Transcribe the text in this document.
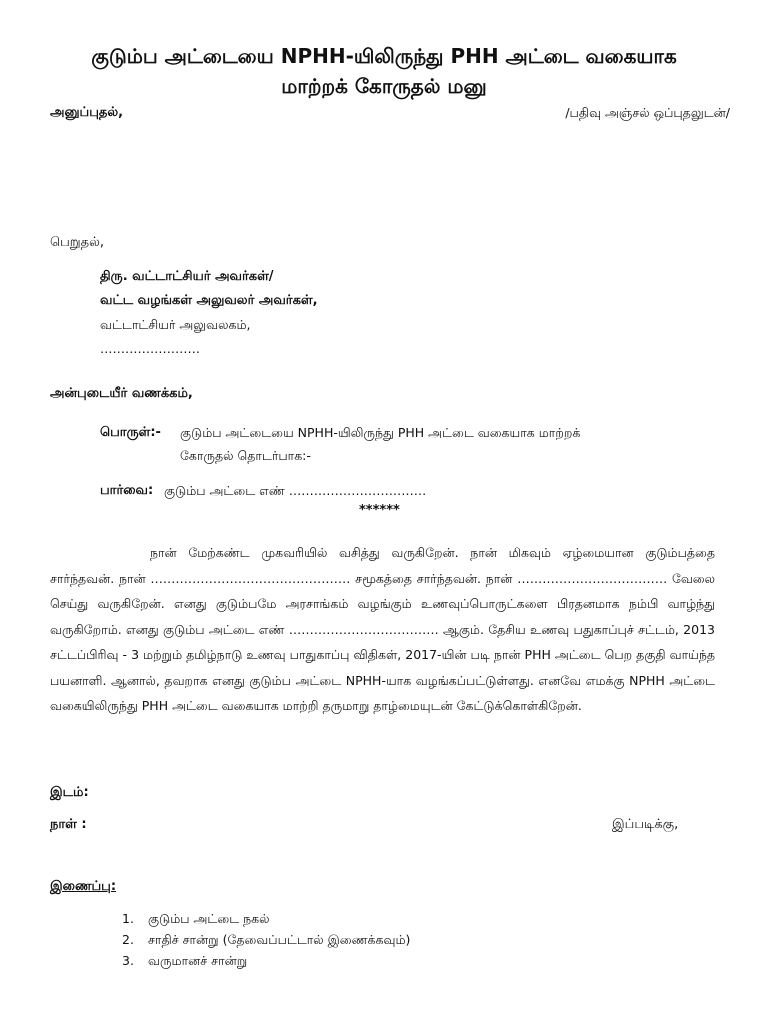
குடும்ப அட்டையை NPHH-யிலிருந்து PHH அட்டை வகையாக
மாற்றக் கோருதல் மனு
அனுப்புதல்,	/பதிவு அஞ்சல் ஒப்புதலுடன்/
பெறுதல்,
திரு. வட்டாட்சியர் அவர்கள்/
வட்ட வழங்கள் அலுவலர் அவர்கள்,
வட்டாட்சியர் அலுவலகம்,
……………………
அன்புடையீர் வணக்கம்,
பொருள்:- குடும்ப அட்டையை NPHH-யிலிருந்து PHH அட்டை வகையாக மாற்றக்
கோருதல் தொடர்பாக:-
பார்வை: குடும்ப அட்டை எண் ……………………………
******
நான் மேற்கண்ட முகவரியில் வசித்து வருகிறேன். நான் மிகவும் ஏழ்மையான குடும்பத்தை சார்ந்தவன். நான் ………………………………………… சமூகத்தை சார்ந்தவன். நான் ……………………………… வேலை செய்து வருகிறேன். எனது குடும்பமே அரசாங்கம் வழங்கும் உணவுப்பொருட்களை பிரதனமாக நம்பி வாழ்ந்து வருகிறோம். எனது குடும்ப அட்டை எண் ……………………………… ஆகும். தேசிய உணவு பதுகாப்புச் சட்டம், 2013 சட்டப்பிரிவு - 3 மற்றும் தமிழ்நாடு உணவு பாதுகாப்பு விதிகள், 2017-யின் படி நான் PHH அட்டை பெற தகுதி வாய்ந்த பயனாளி. ஆனால், தவறாக எனது குடும்ப அட்டை NPHH-யாக வழங்கப்பட்டுள்ளது. எனவே எமக்கு NPHH அட்டை வகையிலிருந்து PHH அட்டை வகையாக மாற்றி தருமாறு தாழ்மையுடன் கேட்டுக்கொள்கிறேன்.
இடம்:
நாள் :	இப்படிக்கு,
இணைப்பு:
1. குடும்ப அட்டை நகல்
2. சாதிச் சான்று (தேவைப்பட்டால் இணைக்கவும்)
3. வருமானச் சான்று
